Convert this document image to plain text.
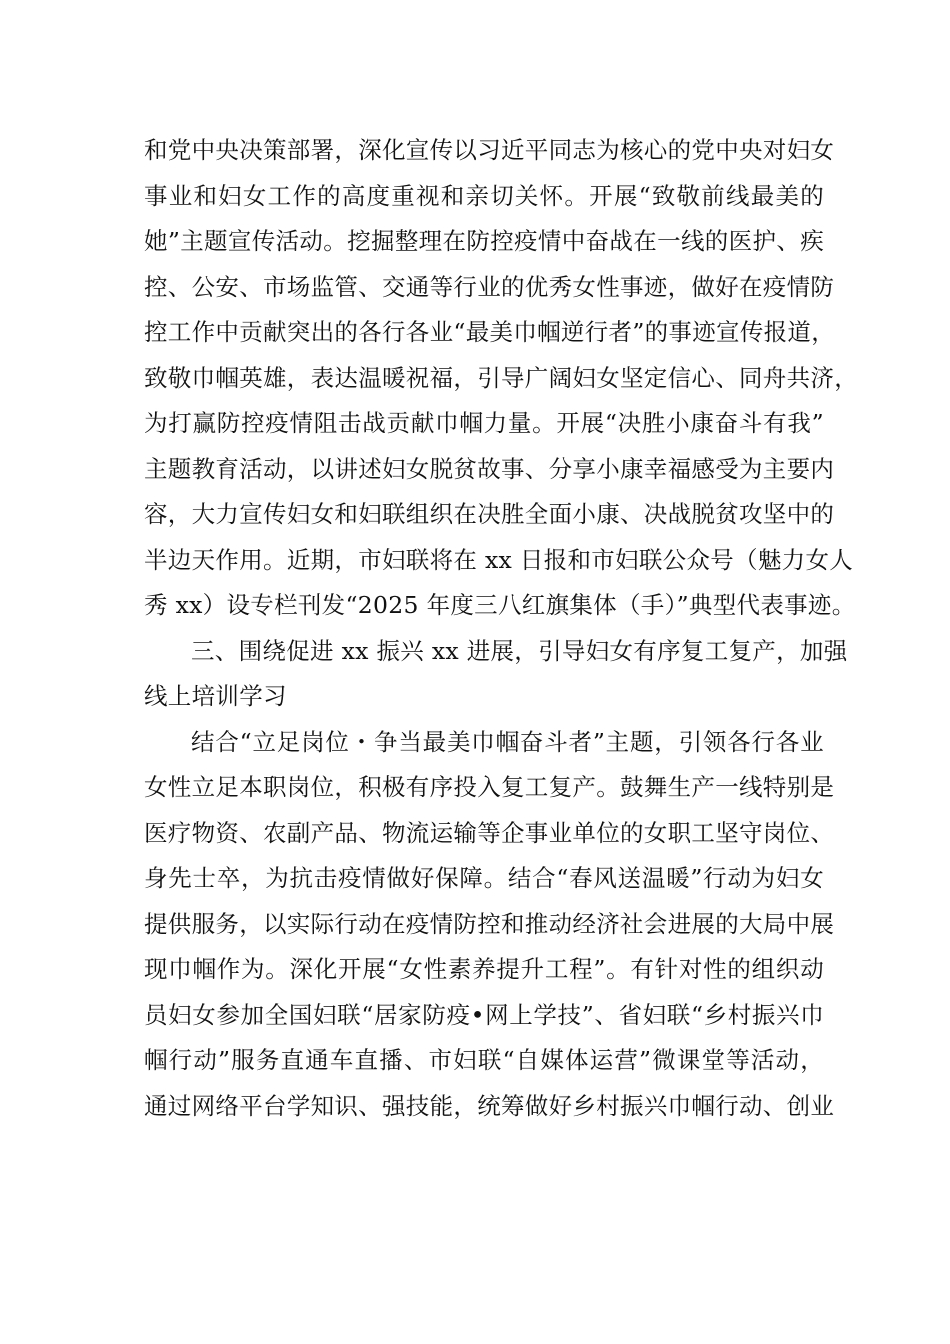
和党中央决策部署，深化宣传以习近平同志为核心的党中央对妇女
事业和妇女工作的高度重视和亲切关怀。开展“致敬前线最美的
她”主题宣传活动。挖掘整理在防控疫情中奋战在一线的医护、疾
控、公安、市场监管、交通等行业的优秀女性事迹，做好在疫情防
控工作中贡献突出的各行各业“最美巾帼逆行者”的事迹宣传报道，
致敬巾帼英雄，表达温暖祝福，引导广阔妇女坚定信心、同舟共济，
为打赢防控疫情阻击战贡献巾帼力量。开展“决胜小康奋斗有我”
主题教育活动，以讲述妇女脱贫故事、分享小康幸福感受为主要内
容，大力宣传妇女和妇联组织在决胜全面小康、决战脱贫攻坚中的
半边天作用。近期，市妇联将在 xx 日报和市妇联公众号（魅力女人
秀 xx）设专栏刊发“2025 年度三八红旗集体（手）”典型代表事迹。
三、围绕促进 xx 振兴 xx 进展，引导妇女有序复工复产，加强
线上培训学习
结合“立足岗位・争当最美巾帼奋斗者”主题，引领各行各业
女性立足本职岗位，积极有序投入复工复产。鼓舞生产一线特别是
医疗物资、农副产品、物流运输等企事业单位的女职工坚守岗位、
身先士卒，为抗击疫情做好保障。结合“春风送温暖”行动为妇女
提供服务，以实际行动在疫情防控和推动经济社会进展的大局中展
现巾帼作为。深化开展“女性素养提升工程”。有针对性的组织动
员妇女参加全国妇联“居家防疫•网上学技”、省妇联“乡村振兴巾
帼行动”服务直通车直播、市妇联“自媒体运营”微课堂等活动，
通过网络平台学知识、强技能，统筹做好乡村振兴巾帼行动、创业
